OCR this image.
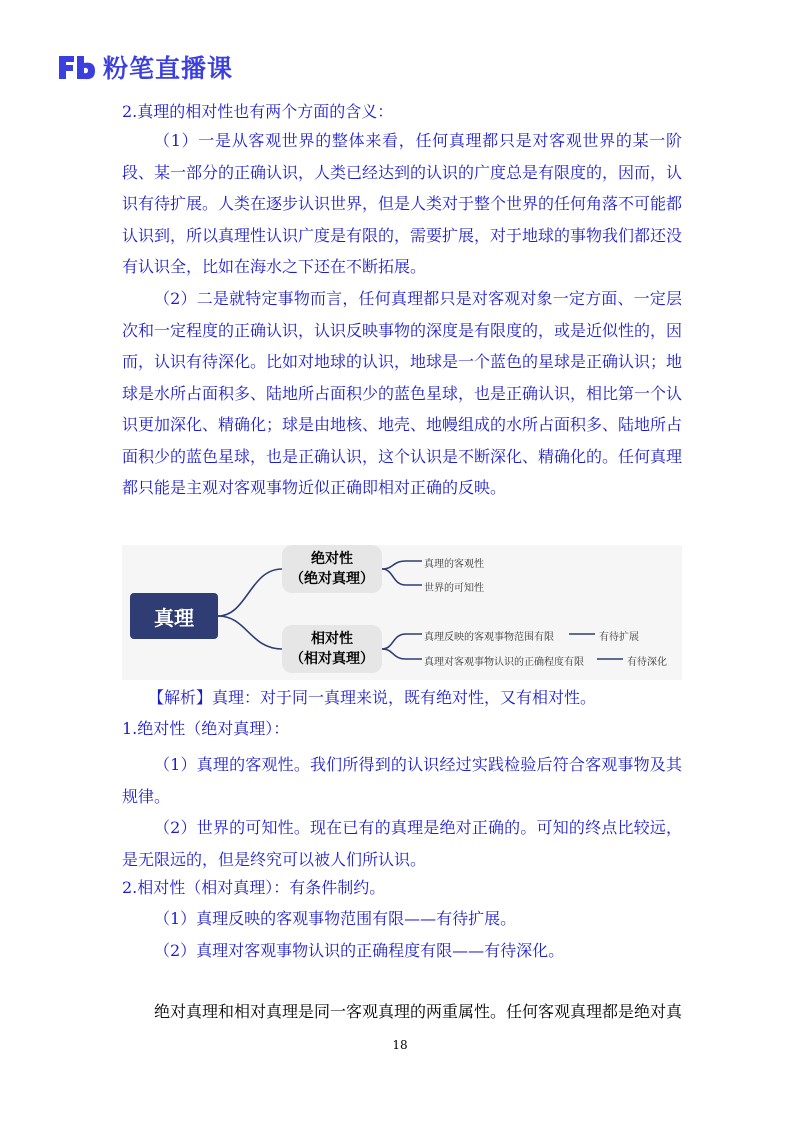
粉笔直播课
2.真理的相对性也有两个方面的含义：

（1）一是从客观世界的整体来看，任何真理都只是对客观世界的某一阶段、某一部分的正确认识，人类已经达到的认识的广度总是有限度的，因而，认识有待扩展。人类在逐步认识世界，但是人类对于整个世界的任何角落不可能都认识到，所以真理性认识广度是有限的，需要扩展，对于地球的事物我们都还没有认识全，比如在海水之下还在不断拓展。

（2）二是就特定事物而言，任何真理都只是对客观对象一定方面、一定层次和一定程度的正确认识，认识反映事物的深度是有限度的，或是近似性的，因而，认识有待深化。比如对地球的认识，地球是一个蓝色的星球是正确认识；地球是水所占面积多、陆地所占面积少的蓝色星球，也是正确认识，相比第一个认识更加深化、精确化；球是由地核、地壳、地幔组成的水所占面积多、陆地所占面积少的蓝色星球，也是正确认识，这个认识是不断深化、精确化的。任何真理都只能是主观对客观事物近似正确即相对正确的反映。

真理
绝对性
（绝对真理）
相对性
（相对真理）
真理的客观性
世界的可知性
真理反映的客观事物范围有限	有待扩展
真理对客观事物认识的正确程度有限	有待深化
【解析】真理：对于同一真理来说，既有绝对性，又有相对性。
1.绝对性（绝对真理）：

（1）真理的客观性。我们所得到的认识经过实践检验后符合客观事物及其规律。

（2）世界的可知性。现在已有的真理是绝对正确的。可知的终点比较远，是无限远的，但是终究可以被人们所认识。

2.相对性（相对真理）：有条件制约。
（1）真理反映的客观事物范围有限——有待扩展。
（2）真理对客观事物认识的正确程度有限——有待深化。
绝对真理和相对真理是同一客观真理的两重属性。任何客观真理都是绝对真
18
